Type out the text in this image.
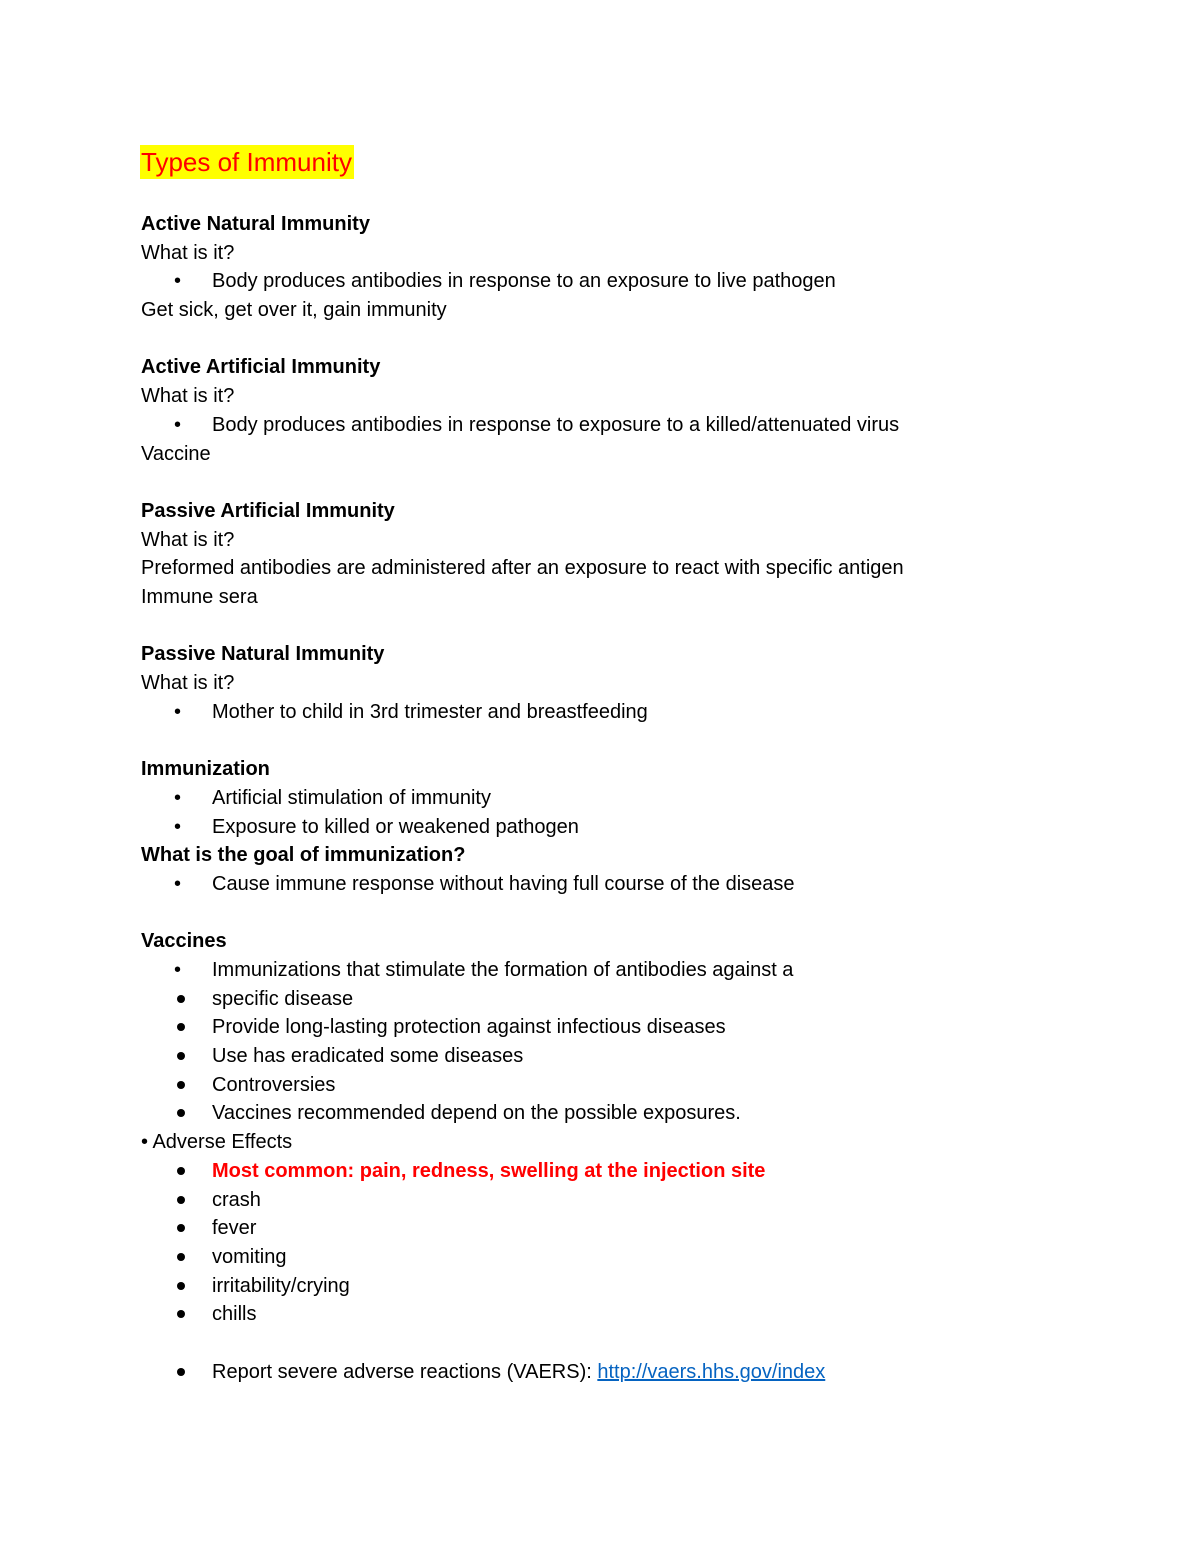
Types of Immunity

Active Natural Immunity

What is it?

• Body produces antibodies in response to an exposure to live pathogen

Get sick, get over it, gain immunity

Active Artificial Immunity

What is it?

• Body produces antibodies in response to exposure to a killed/attenuated virus

Vaccine

Passive Artificial Immunity

What is it?

Preformed antibodies are administered after an exposure to react with specific antigen

Immune sera

Passive Natural Immunity

What is it?

• Mother to child in 3rd trimester and breastfeeding

Immunization

• Artificial stimulation of immunity

• Exposure to killed or weakened pathogen

What is the goal of immunization?

• Cause immune response without having full course of the disease

Vaccines

• Immunizations that stimulate the formation of antibodies against a

specific disease

Provide long-lasting protection against infectious diseases

Use has eradicated some diseases

Controversies

Vaccines recommended depend on the possible exposures.

• Adverse Effects

Most common: pain, redness, swelling at the injection site

crash

fever

vomiting

irritability/crying

chills

Report severe adverse reactions (VAERS): http://vaers.hhs.gov/index
